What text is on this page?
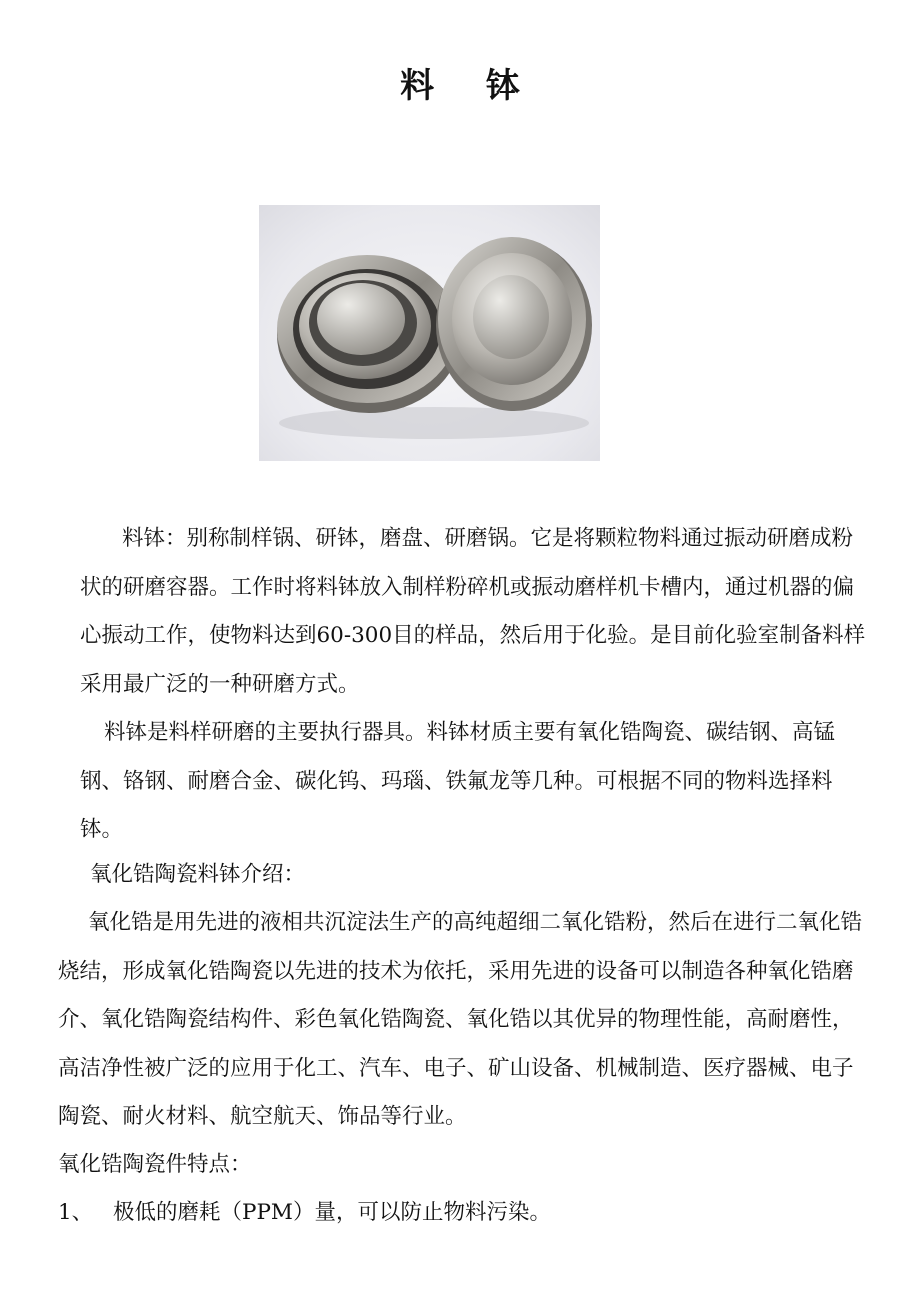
料 钵

料钵：别称制样锅、研钵，磨盘、研磨锅。它是将颗粒物料通过振动研磨成粉状的研磨容器。工作时将料钵放入制样粉碎机或振动磨样机卡槽内，通过机器的偏心振动工作，使物料达到60-300目的样品，然后用于化验。是目前化验室制备料样采用最广泛的一种研磨方式。

料钵是料样研磨的主要执行器具。料钵材质主要有氧化锆陶瓷、碳结钢、高锰钢、铬钢、耐磨合金、碳化钨、玛瑙、铁氟龙等几种。可根据不同的物料选择料钵。

氧化锆陶瓷料钵介绍：

氧化锆是用先进的液相共沉淀法生产的高纯超细二氧化锆粉，然后在进行二氧化锆烧结，形成氧化锆陶瓷以先进的技术为依托，采用先进的设备可以制造各种氧化锆磨介、氧化锆陶瓷结构件、彩色氧化锆陶瓷、氧化锆以其优异的物理性能，高耐磨性，高洁净性被广泛的应用于化工、汽车、电子、矿山设备、机械制造、医疗器械、电子陶瓷、耐火材料、航空航天、饰品等行业。

氧化锆陶瓷件特点：

1、 极低的磨耗（PPM）量，可以防止物料污染。
